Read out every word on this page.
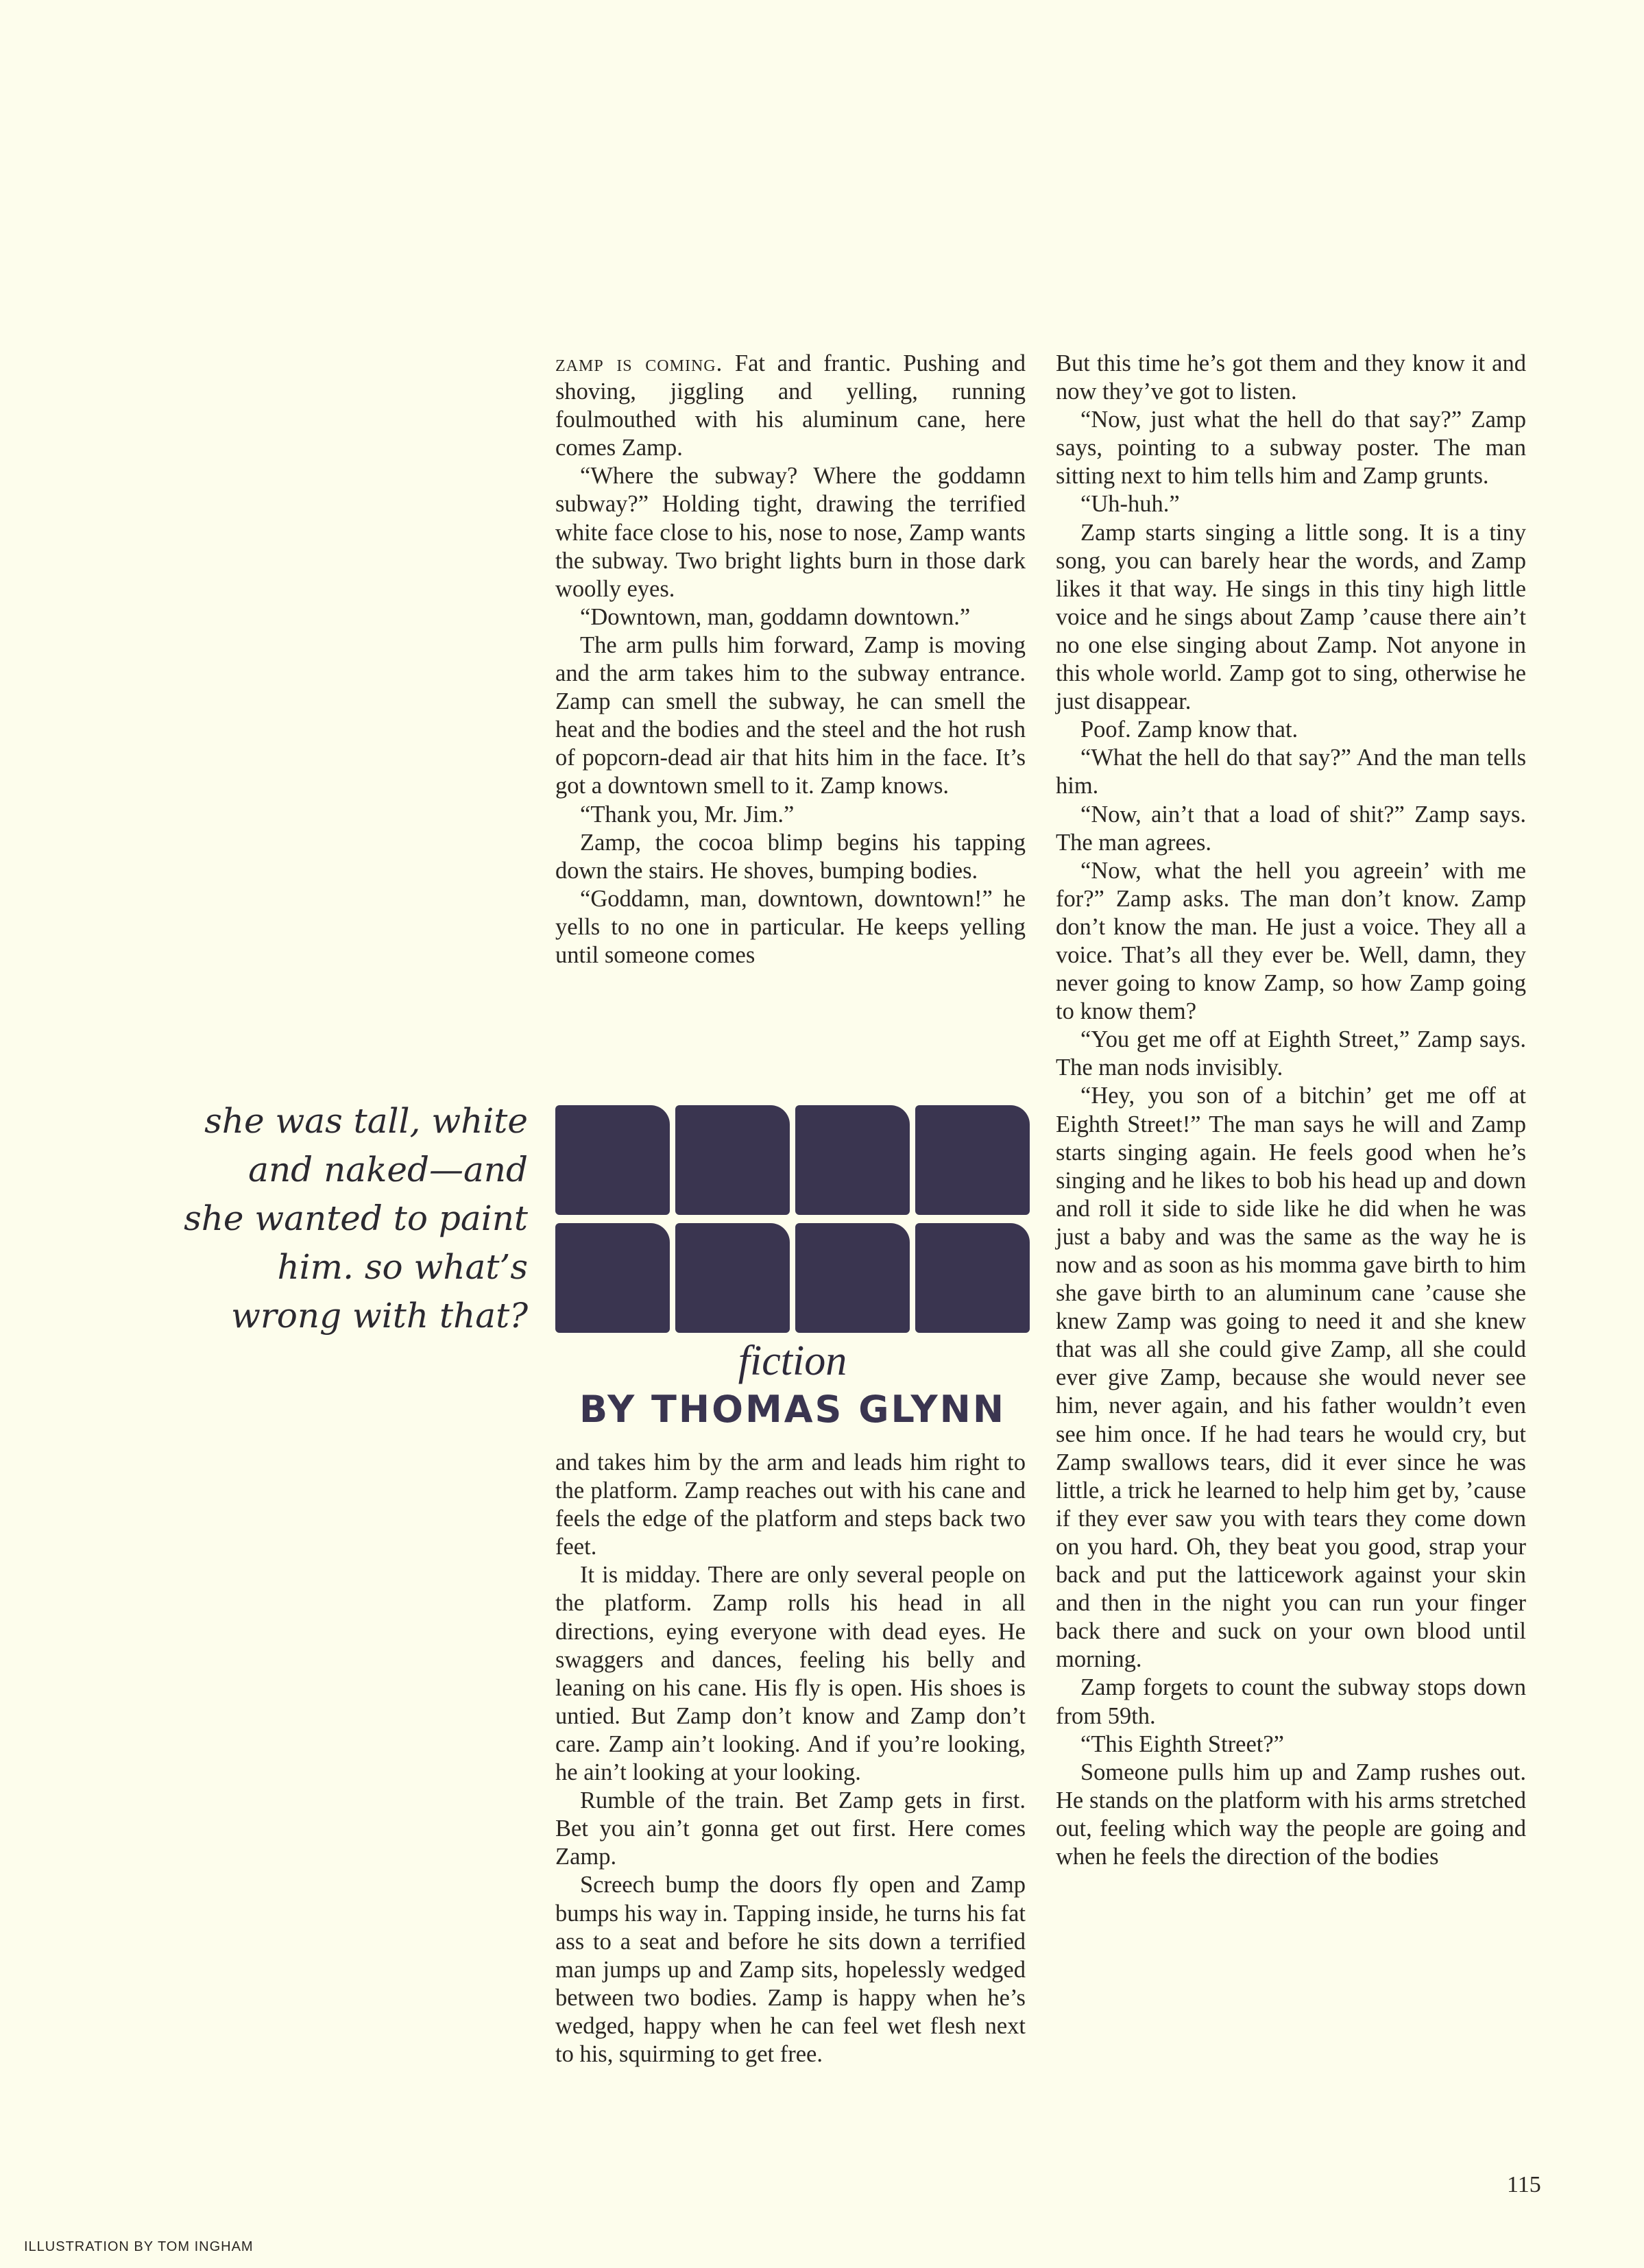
zamp is coming. Fat and frantic. Pushing and shoving, jiggling and yelling, running foulmouthed with his aluminum cane, here comes Zamp.

“Where the subway? Where the goddamn subway?” Holding tight, drawing the terrified white face close to his, nose to nose, Zamp wants the subway. Two bright lights burn in those dark woolly eyes.

“Downtown, man, goddamn downtown.”

The arm pulls him forward, Zamp is moving and the arm takes him to the subway entrance. Zamp can smell the subway, he can smell the heat and the bodies and the steel and the hot rush of popcorn-dead air that hits him in the face. It’s got a downtown smell to it. Zamp knows.

“Thank you, Mr. Jim.”

Zamp, the cocoa blimp begins his tapping down the stairs. He shoves, bumping bodies.

“Goddamn, man, downtown, downtown!” he yells to no one in particular. He keeps yelling until someone comes

she was tall, white
and naked—and
she wanted to paint
him. so what’s
wrong with that?
fiction
BY THOMAS GLYNN

and takes him by the arm and leads him right to the platform. Zamp reaches out with his cane and feels the edge of the platform and steps back two feet.

It is midday. There are only several people on the platform. Zamp rolls his head in all directions, eying everyone with dead eyes. He swaggers and dances, feeling his belly and leaning on his cane. His fly is open. His shoes is untied. But Zamp don’t know and Zamp don’t care. Zamp ain’t looking. And if you’re looking, he ain’t looking at your looking.

Rumble of the train. Bet Zamp gets in first. Bet you ain’t gonna get out first. Here comes Zamp.

Screech bump the doors fly open and Zamp bumps his way in. Tapping inside, he turns his fat ass to a seat and before he sits down a terrified man jumps up and Zamp sits, hopelessly wedged between two bodies. Zamp is happy when he’s wedged, happy when he can feel wet flesh next to his, squirming to get free.

But this time he’s got them and they know it and now they’ve got to listen.

“Now, just what the hell do that say?” Zamp says, pointing to a subway poster. The man sitting next to him tells him and Zamp grunts.

“Uh-huh.”

Zamp starts singing a little song. It is a tiny song, you can barely hear the words, and Zamp likes it that way. He sings in this tiny high little voice and he sings about Zamp ’cause there ain’t no one else singing about Zamp. Not anyone in this whole world. Zamp got to sing, otherwise he just disappear.

Poof. Zamp know that.

“What the hell do that say?” And the man tells him.

“Now, ain’t that a load of shit?” Zamp says. The man agrees.

“Now, what the hell you agreein’ with me for?” Zamp asks. The man don’t know. Zamp don’t know the man. He just a voice. They all a voice. That’s all they ever be. Well, damn, they never going to know Zamp, so how Zamp going to know them?

“You get me off at Eighth Street,” Zamp says. The man nods invisibly.

“Hey, you son of a bitchin’ get me off at Eighth Street!” The man says he will and Zamp starts singing again. He feels good when he’s singing and he likes to bob his head up and down and roll it side to side like he did when he was just a baby and was the same as the way he is now and as soon as his momma gave birth to him she gave birth to an aluminum cane ’cause she knew Zamp was going to need it and she knew that was all she could give Zamp, all she could ever give Zamp, because she would never see him, never again, and his father wouldn’t even see him once. If he had tears he would cry, but Zamp swallows tears, did it ever since he was little, a trick he learned to help him get by, ’cause if they ever saw you with tears they come down on you hard. Oh, they beat you good, strap your back and put the latticework against your skin and then in the night you can run your finger back there and suck on your own blood until morning.

Zamp forgets to count the subway stops down from 59th.

“This Eighth Street?”

Someone pulls him up and Zamp rushes out. He stands on the platform with his arms stretched out, feeling which way the people are going and when he feels the direction of the bodies

115
ILLUSTRATION BY TOM INGHAM
